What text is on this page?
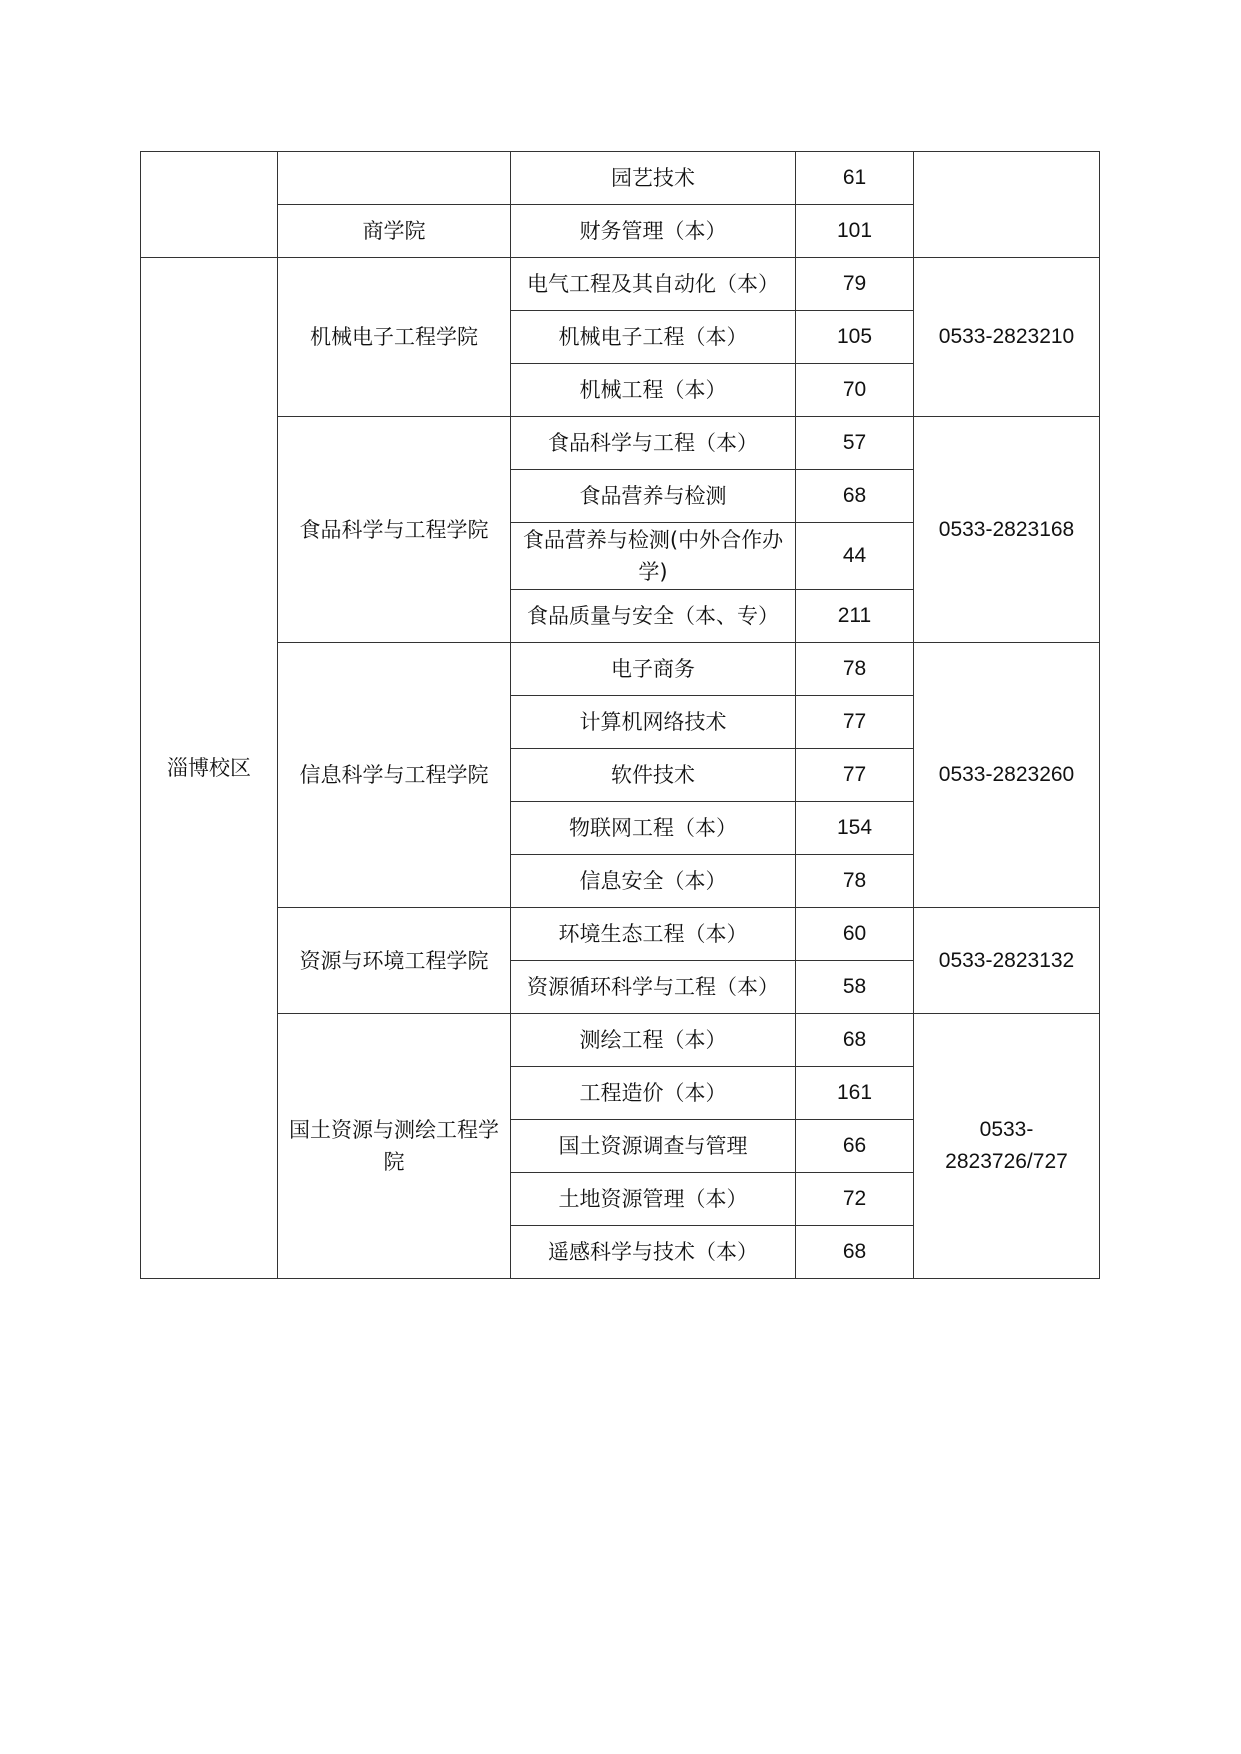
		园艺技术	61	
	商学院	财务管理（本）	101	
淄博校区	机械电子工程学院	电气工程及其自动化（本）	79	0533-2823210
		机械电子工程（本）	105	
		机械工程（本）	70	
	食品科学与工程学院	食品科学与工程（本）	57	0533-2823168
		食品营养与检测	68	
		食品营养与检测(中外合作办学)	44	
		食品质量与安全（本、专）	211	
	信息科学与工程学院	电子商务	78	0533-2823260
		计算机网络技术	77	
		软件技术	77	
		物联网工程（本）	154	
		信息安全（本）	78	
	资源与环境工程学院	环境生态工程（本）	60	0533-2823132
		资源循环科学与工程（本）	58	
	国土资源与测绘工程学院	测绘工程（本）	68	0533-2823726/727
		工程造价（本）	161	
		国土资源调查与管理	66	
		土地资源管理（本）	72	
		遥感科学与技术（本）	68	
